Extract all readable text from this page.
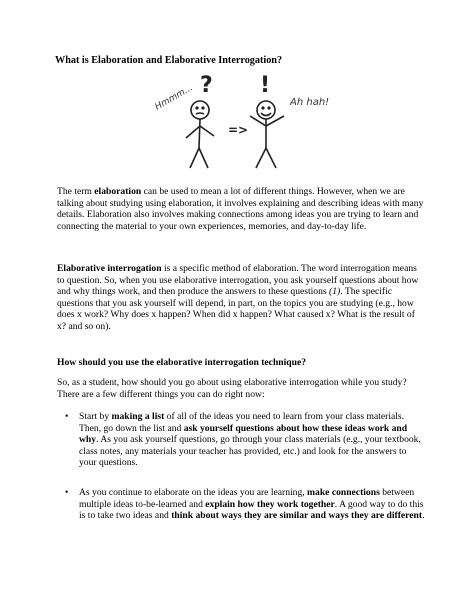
What is Elaboration and Elaborative Interrogation?
?
Hmmm...
=>
!
Ah hah!

The term elaboration can be used to mean a lot of different things. However, when we are talking about studying using elaboration, it involves explaining and describing ideas with many details. Elaboration also involves making connections among ideas you are trying to learn and connecting the material to your own experiences, memories, and day-to-day life.

Elaborative interrogation is a specific method of elaboration. The word interrogation means to question. So, when you use elaborative interrogation, you ask yourself questions about how and why things work, and then produce the answers to these questions (1). The specific questions that you ask yourself will depend, in part, on the topics you are studying (e.g., how does x work? Why does x happen? When did x happen? What caused x? What is the result of x? and so on).

How should you use the elaborative interrogation technique?

So, as a student, how should you go about using elaborative interrogation while you study? There are a few different things you can do right now:

• Start by making a list of all of the ideas you need to learn from your class materials. Then, go down the list and ask yourself questions about how these ideas work and why. As you ask yourself questions, go through your class materials (e.g., your textbook, class notes, any materials your teacher has provided, etc.) and look for the answers to your questions.
• As you continue to elaborate on the ideas you are learning, make connections between multiple ideas to-be-learned and explain how they work together. A good way to do this is to take two ideas and think about ways they are similar and ways they are different.
